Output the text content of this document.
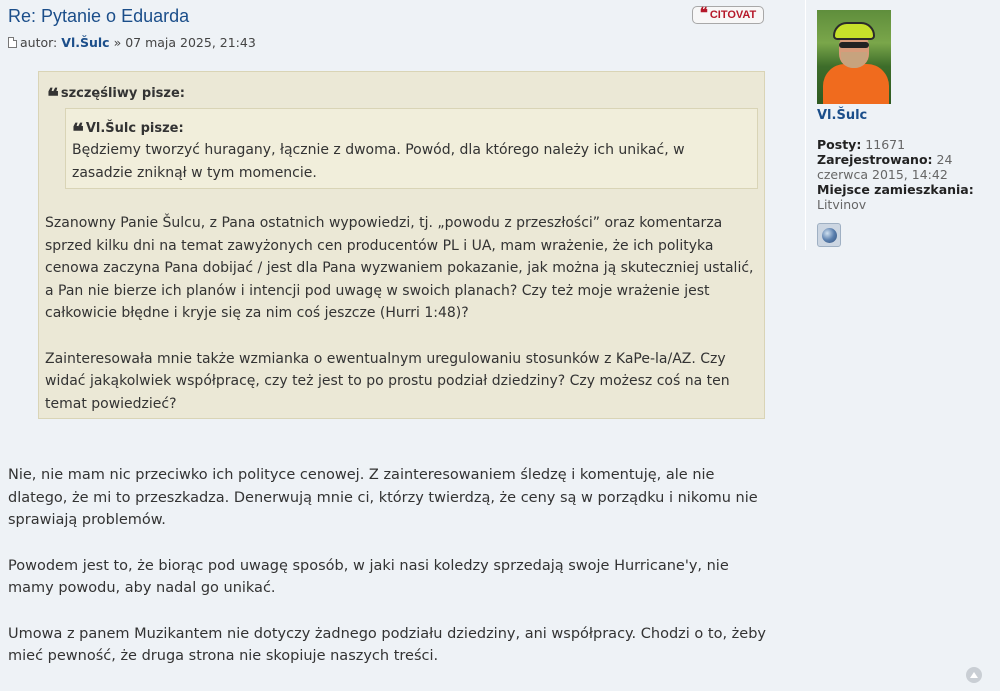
Re: Pytanie o Eduarda	❝ CITOVAT
autor: Vl.Šulc » 07 maja 2025, 21:43
❝ szczęśliwy pisze:
❝ Vl.Šulc pisze:
Będziemy tworzyć huragany, łącznie z dwoma. Powód, dla którego należy ich unikać, w zasadzie zniknął w tym momencie.

Szanowny Panie Šulcu, z Pana ostatnich wypowiedzi, tj. „powodu z przeszłości” oraz komentarza sprzed kilku dni na temat zawyżonych cen producentów PL i UA, mam wrażenie, że ich polityka cenowa zaczyna Pana dobijać / jest dla Pana wyzwaniem pokazanie, jak można ją skuteczniej ustalić, a Pan nie bierze ich planów i intencji pod uwagę w swoich planach? Czy też moje wrażenie jest całkowicie błędne i kryje się za nim coś jeszcze (Hurri 1:48)?

Zainteresowała mnie także wzmianka o ewentualnym uregulowaniu stosunków z KaPe-la/AZ. Czy widać jakąkolwiek współpracę, czy też jest to po prostu podział dziedziny? Czy możesz coś na ten temat powiedzieć?

Nie, nie mam nic przeciwko ich polityce cenowej. Z zainteresowaniem śledzę i komentuję, ale nie dlatego, że mi to przeszkadza. Denerwują mnie ci, którzy twierdzą, że ceny są w porządku i nikomu nie sprawiają problemów.

Powodem jest to, że biorąc pod uwagę sposób, w jaki nasi koledzy sprzedają swoje Hurricane'y, nie mamy powodu, aby nadal go unikać.

Umowa z panem Muzikantem nie dotyczy żadnego podziału dziedziny, ani współpracy. Chodzi o to, żeby mieć pewność, że druga strona nie skopiuje naszych treści.

Vl.Šulc
Posty: 11671
Zarejestrowano: 24 czerwca 2015, 14:42
Miejsce zamieszkania:
Litvinov
